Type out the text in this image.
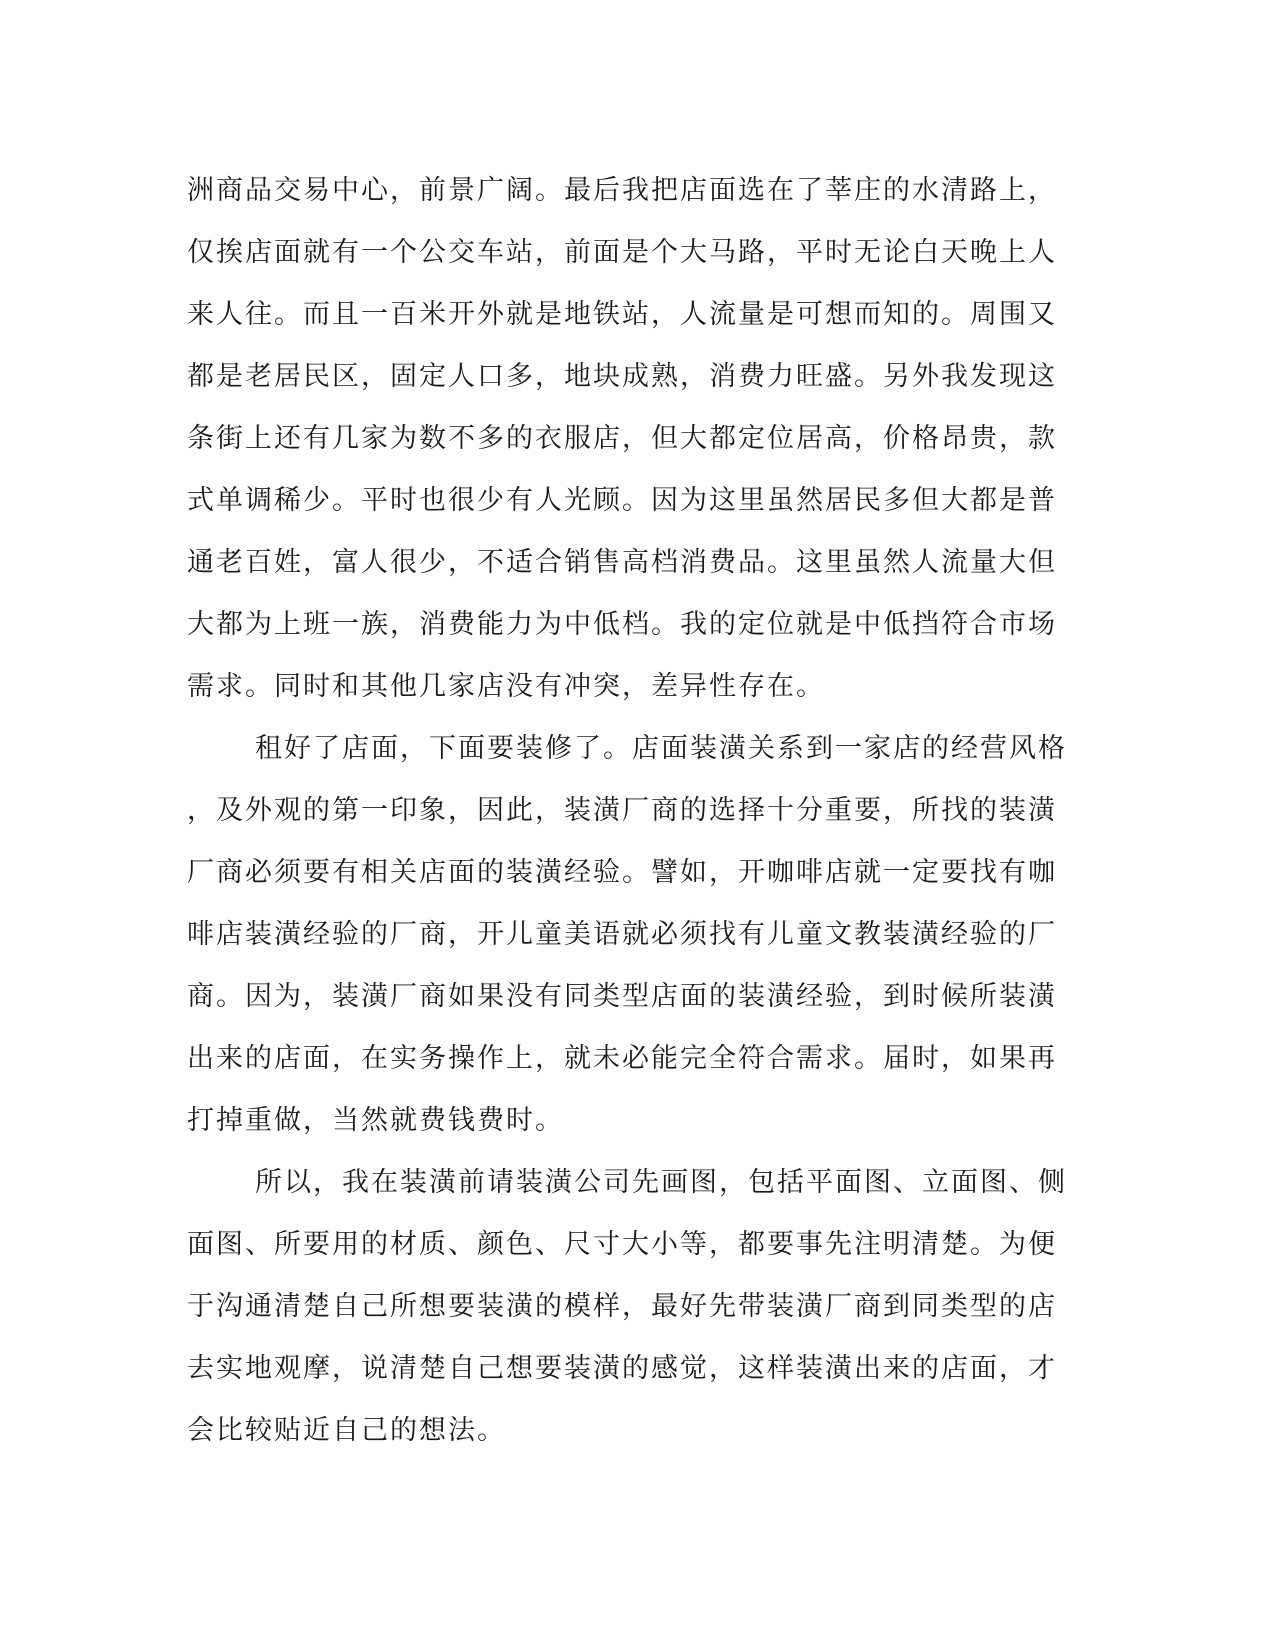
洲商品交易中心，前景广阔。最后我把店面选在了莘庄的水清路上，
仅挨店面就有一个公交车站，前面是个大马路，平时无论白天晚上人
来人往。而且一百米开外就是地铁站，人流量是可想而知的。周围又
都是老居民区，固定人口多，地块成熟，消费力旺盛。另外我发现这
条街上还有几家为数不多的衣服店，但大都定位居高，价格昂贵，款
式单调稀少。平时也很少有人光顾。因为这里虽然居民多但大都是普
通老百姓，富人很少，不适合销售高档消费品。这里虽然人流量大但
大都为上班一族，消费能力为中低档。我的定位就是中低挡符合市场
需求。同时和其他几家店没有冲突，差异性存在。
租好了店面，下面要装修了。店面装潢关系到一家店的经营风格
，及外观的第一印象，因此，装潢厂商的选择十分重要，所找的装潢
厂商必须要有相关店面的装潢经验。譬如，开咖啡店就一定要找有咖
啡店装潢经验的厂商，开儿童美语就必须找有儿童文教装潢经验的厂
商。因为，装潢厂商如果没有同类型店面的装潢经验，到时候所装潢
出来的店面，在实务操作上，就未必能完全符合需求。届时，如果再
打掉重做，当然就费钱费时。
所以，我在装潢前请装潢公司先画图，包括平面图、立面图、侧
面图、所要用的材质、颜色、尺寸大小等，都要事先注明清楚。为便
于沟通清楚自己所想要装潢的模样，最好先带装潢厂商到同类型的店
去实地观摩，说清楚自己想要装潢的感觉，这样装潢出来的店面，才
会比较贴近自己的想法。
